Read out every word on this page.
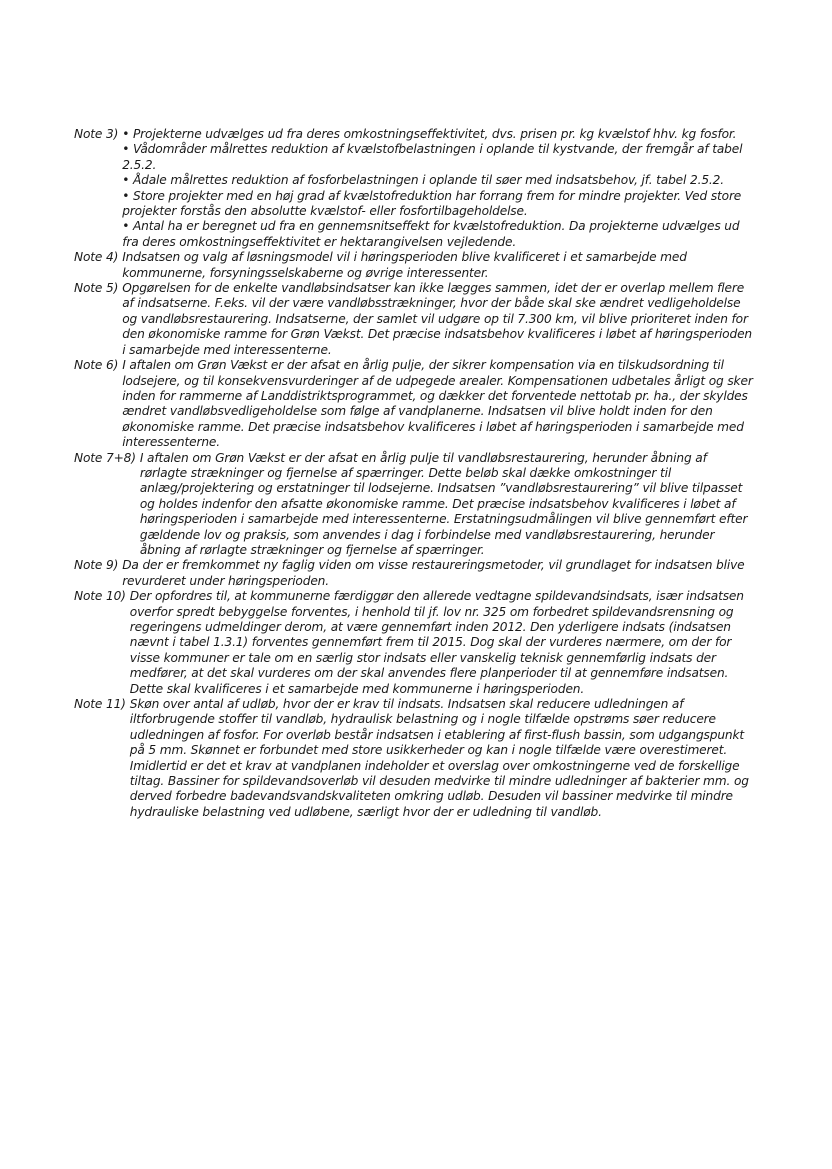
Note 3) • Projekterne udvælges ud fra deres omkostningseffektivitet, dvs. prisen pr. kg kvælstof hhv. kg fosfor.

• Vådområder målrettes reduktion af kvælstofbelastningen i oplande til kystvande, der fremgår af tabel 2.5.2.

• Ådale målrettes reduktion af fosforbelastningen i oplande til søer med indsatsbehov, jf. tabel 2.5.2.

• Store projekter med en høj grad af kvælstofreduktion har forrang frem for mindre projekter. Ved store projekter forstås den absolutte kvælstof- eller fosfortilbageholdelse.

• Antal ha er beregnet ud fra en gennemsnitseffekt for kvælstofreduktion. Da projekterne udvælges ud fra deres omkostningseffektivitet er hektarangivelsen vejledende.

Note 4) Indsatsen og valg af løsningsmodel vil i høringsperioden blive kvalificeret i et samarbejde med kommunerne, forsyningsselskaberne og øvrige interessenter.

Note 5) Opgørelsen for de enkelte vandløbsindsatser kan ikke lægges sammen, idet der er overlap mellem flere af indsatserne. F.eks. vil der være vandløbsstrækninger, hvor der både skal ske ændret vedligeholdelse og vandløbsrestaurering. Indsatserne, der samlet vil udgøre op til 7.300 km, vil blive prioriteret inden for den økonomiske ramme for Grøn Vækst. Det præcise indsatsbehov kvalificeres i løbet af høringsperioden i samarbejde med interessenterne.

Note 6) I aftalen om Grøn Vækst er der afsat en årlig pulje, der sikrer kompensation via en tilskudsordning til lodsejere, og til konsekvensvurderinger af de udpegede arealer. Kompensationen udbetales årligt og sker inden for rammerne af Landdistriktsprogrammet, og dækker det forventede nettotab pr. ha., der skyldes ændret vandløbsvedligeholdelse som følge af vandplanerne. Indsatsen vil blive holdt inden for den økonomiske ramme. Det præcise indsatsbehov kvalificeres i løbet af høringsperioden i samarbejde med interessenterne.

Note 7+8) I aftalen om Grøn Vækst er der afsat en årlig pulje til vandløbsrestaurering, herunder åbning af rørlagte strækninger og fjernelse af spærringer. Dette beløb skal dække omkostninger til anlæg/projektering og erstatninger til lodsejerne. Indsatsen ”vandløbsrestaurering” vil blive tilpasset og holdes indenfor den afsatte økonomiske ramme. Det præcise indsatsbehov kvalificeres i løbet af høringsperioden i samarbejde med interessenterne. Erstatningsudmålingen vil blive gennemført efter gældende lov og praksis, som anvendes i dag i forbindelse med vandløbsrestaurering, herunder åbning af rørlagte strækninger og fjernelse af spærringer.

Note 9) Da der er fremkommet ny faglig viden om visse restaureringsmetoder, vil grundlaget for indsatsen blive revurderet under høringsperioden.

Note 10) Der opfordres til, at kommunerne færdiggør den allerede vedtagne spildevandsindsats, især indsatsen overfor spredt bebyggelse forventes, i henhold til jf. lov nr. 325 om forbedret spildevandsrensning og regeringens udmeldinger derom, at være gennemført inden 2012. Den yderligere indsats (indsatsen nævnt i tabel 1.3.1) forventes gennemført frem til 2015. Dog skal der vurderes nærmere, om der for visse kommuner er tale om en særlig stor indsats eller vanskelig teknisk gennemførlig indsats der medfører, at det skal vurderes om der skal anvendes flere planperioder til at gennemføre indsatsen. Dette skal kvalificeres i et samarbejde med kommunerne i høringsperioden.

Note 11) Skøn over antal af udløb, hvor der er krav til indsats. Indsatsen skal reducere udledningen af iltforbrugende stoffer til vandløb, hydraulisk belastning og i nogle tilfælde opstrøms søer reducere udledningen af fosfor. For overløb består indsatsen i etablering af first-flush bassin, som udgangspunkt på 5 mm. Skønnet er forbundet med store usikkerheder og kan i nogle tilfælde være overestimeret. Imidlertid er det et krav at vandplanen indeholder et overslag over omkostningerne ved de forskellige tiltag. Bassiner for spildevandsoverløb vil desuden medvirke til mindre udledninger af bakterier mm. og derved forbedre badevandsvandskvaliteten omkring udløb. Desuden vil bassiner medvirke til mindre hydrauliske belastning ved udløbene, særligt hvor der er udledning til vandløb.
